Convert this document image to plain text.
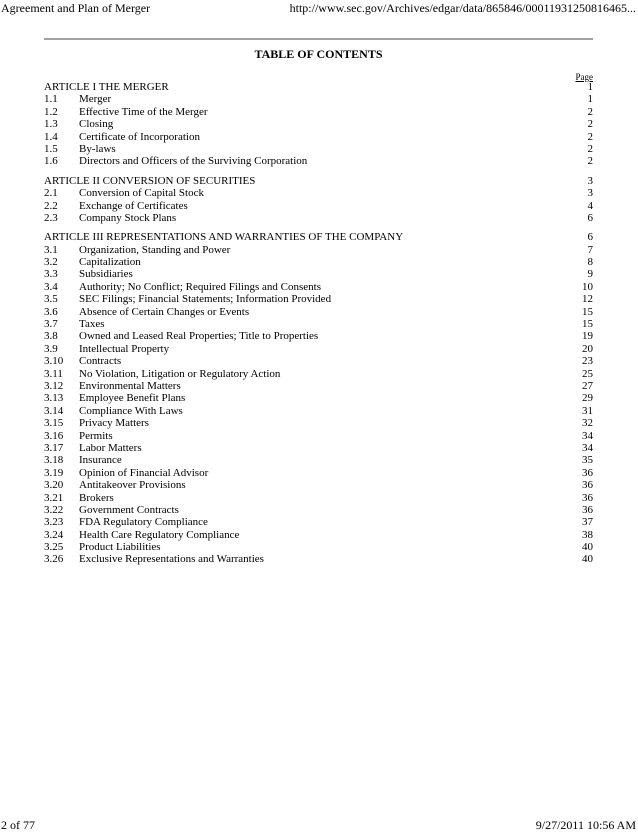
Agreement and Plan of Merger	http://www.sec.gov/Archives/edgar/data/865846/00011931250816465...
TABLE OF CONTENTS
Page
ARTICLE I THE MERGER	1
1.1	Merger	1
1.2	Effective Time of the Merger	2
1.3	Closing	2
1.4	Certificate of Incorporation	2
1.5	By-laws	2
1.6	Directors and Officers of the Surviving Corporation	2
ARTICLE II CONVERSION OF SECURITIES	3
2.1	Conversion of Capital Stock	3
2.2	Exchange of Certificates	4
2.3	Company Stock Plans	6
ARTICLE III REPRESENTATIONS AND WARRANTIES OF THE COMPANY	6
3.1	Organization, Standing and Power	7
3.2	Capitalization	8
3.3	Subsidiaries	9
3.4	Authority; No Conflict; Required Filings and Consents	10
3.5	SEC Filings; Financial Statements; Information Provided	12
3.6	Absence of Certain Changes or Events	15
3.7	Taxes	15
3.8	Owned and Leased Real Properties; Title to Properties	19
3.9	Intellectual Property	20
3.10	Contracts	23
3.11	No Violation, Litigation or Regulatory Action	25
3.12	Environmental Matters	27
3.13	Employee Benefit Plans	29
3.14	Compliance With Laws	31
3.15	Privacy Matters	32
3.16	Permits	34
3.17	Labor Matters	34
3.18	Insurance	35
3.19	Opinion of Financial Advisor	36
3.20	Antitakeover Provisions	36
3.21	Brokers	36
3.22	Government Contracts	36
3.23	FDA Regulatory Compliance	37
3.24	Health Care Regulatory Compliance	38
3.25	Product Liabilities	40
3.26	Exclusive Representations and Warranties	40
2 of 77	9/27/2011 10:56 AM
